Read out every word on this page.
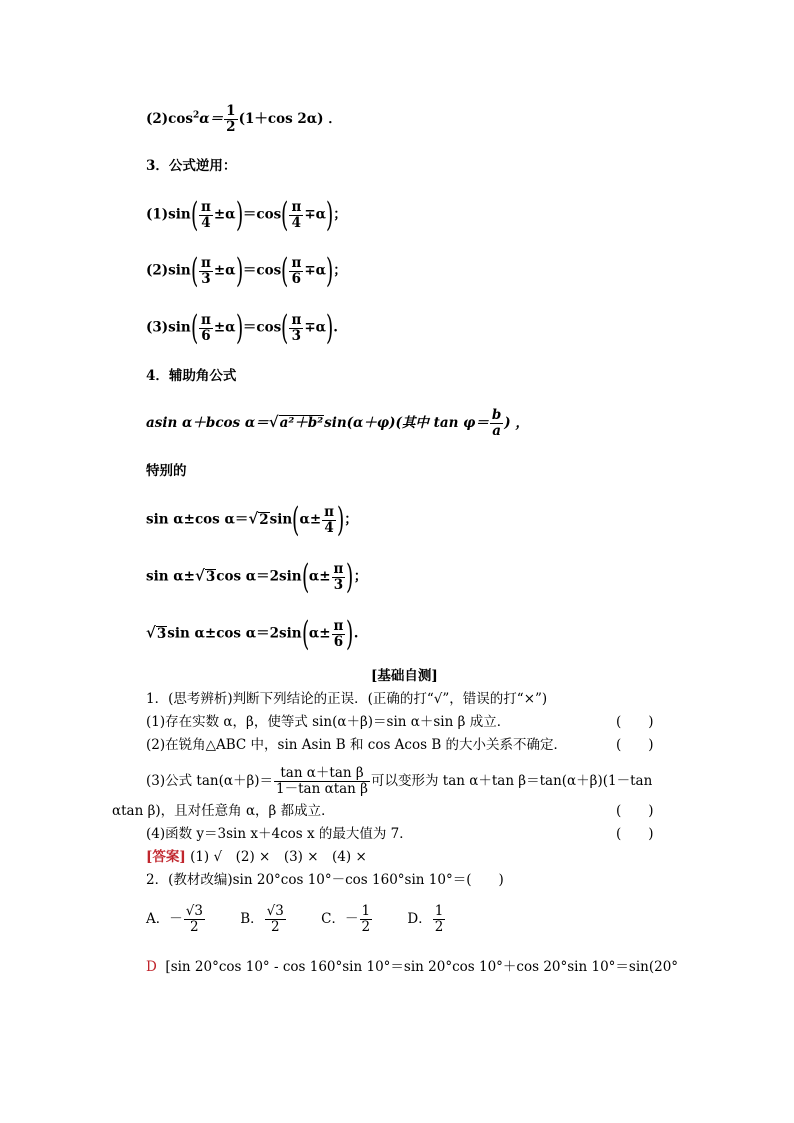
$(2)\cos^2\alpha= \frac{1}{2} (1+\cos$ 2α) ．
3．公式逆用：
$(1)\sin( \frac{\pi}{4} \pm\alpha)=\cos( \frac{\pi}{4} \mp\alpha)$；
$(2)\sin( \frac{\pi}{3} \pm\alpha)=\cos( \frac{\pi}{6} \mp\alpha)$；
$(3)\sin( \frac{\pi}{6} \pm\alpha)=\cos( \frac{\pi}{3} \mp\alpha)$.
4．辅助角公式
asin α＋bcos α＝√a²＋b²sin(α＋φ)(其中 $\tan \varphi= \frac{b}{a}$ ) ，
特别的
sin α±cos $\alpha=√2\sin(\alpha\pm \frac{\pi}{4}$ )；
sin α±√3cos $\alpha=2\sin(\alpha\pm \frac{\pi}{3}$ )；
√3sin α±cos $\alpha=2\sin(\alpha\pm \frac{\pi}{6}$ ).
[基础自测]
1．(思考辨析)判断下列结论的正误．(正确的打“√”，错误的打“×”)
(1)存在实数 α，β，使等式 sin(α＋β)＝sin α＋sin β 成立．	(　　)
(2)在锐角△ABC 中，sin Asin B 和 cos Acos B 的大小关系不确定．	(　　)
(3)公式 $\tan(\alpha+\beta)= \frac{\text{tan α＋tan β}}{\text{1－tan αtan β}}$ 可以变形为 tan α＋tan β＝tan(α＋β)(1－tan
αtan β)，且对任意角 α，β 都成立．	(　　)
(4)函数 y＝3sin x＋4cos x 的最大值为 7．	(　　)
[答案] (1) √　(2) ×　(3) ×　(4) ×
2．(教材改编)sin 20°cos 10°－cos 160°sin 10°＝(　　)
A．－ $\frac{√3}{2}$	B． $\frac{√3}{2}$	C．－ $\frac{1}{2}$	D． $\frac{1}{2}$
D [sin 20°cos 10° - cos 160°sin 10°＝sin 20°cos 10°＋cos 20°sin 10°＝sin(20°
